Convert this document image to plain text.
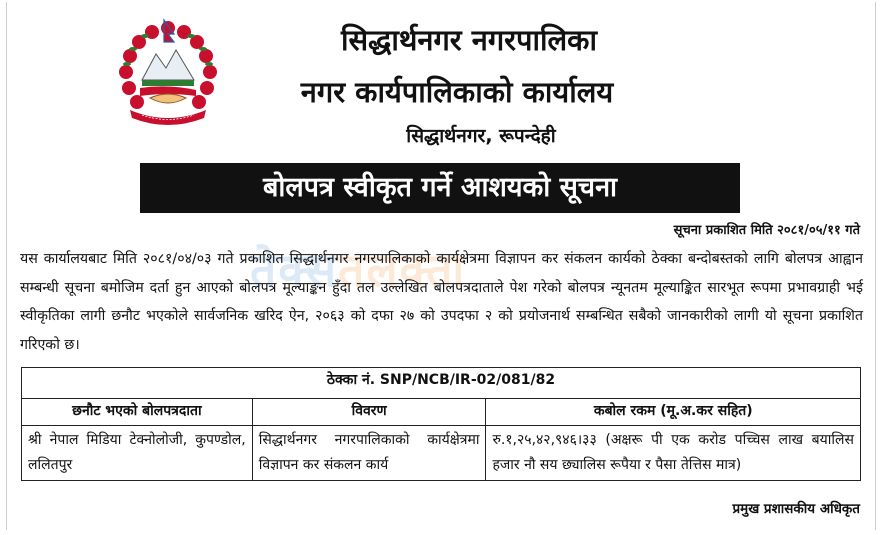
सिद्धार्थनगर नगरपालिका
नगर कार्यपालिकाको कार्यालय
सिद्धार्थनगर, रूपन्देही
बोलपत्र स्वीकृत गर्ने आशयको सूचना
सूचना प्रकाशित मिति २०८१/०५/११ गते
तेक्सतलक्ता
यस कार्यालयबाट मिति २०८१/०४/०३ गते प्रकाशित सिद्धार्थनगर नगरपालिकाको कार्यक्षेत्रमा विज्ञापन कर संकलन कार्यको ठेक्का बन्दोबस्तको लागि बोलपत्र आह्वान सम्बन्धी सूचना बमोजिम दर्ता हुन आएको बोलपत्र मूल्याङ्कन हुँदा तल उल्लेखित बोलपत्रदाताले पेश गरेको बोलपत्र न्यूनतम मूल्याङ्कित सारभूत रूपमा प्रभावग्राही भई स्वीकृतिका लागी छनौट भएकोले सार्वजनिक खरिद ऐन, २०६३ को दफा २७ को उपदफा २ को प्रयोजनार्थ सम्बन्धित सबैको जानकारीको लागी यो सूचना प्रकाशित गरिएको छ।
ठेक्का नं. SNP/NCB/IR-02/081/82		
छनौट भएको बोलपत्रदाता	विवरण	कबोल रकम (मू.अ.कर सहित)
श्री नेपाल मिडिया टेक्नोलोजी, कुपण्डोल, ललितपुर	सिद्धार्थनगर नगरपालिकाको कार्यक्षेत्रमा विज्ञापन कर संकलन कार्य	रु.१,२५,४२,९४६।३३ (अक्षरू पी एक करोड पच्चिस लाख बयालिस हजार नौ सय छ्यालिस रूपैया र पैसा तेत्तिस मात्र)
प्रमुख प्रशासकीय अधिकृत
